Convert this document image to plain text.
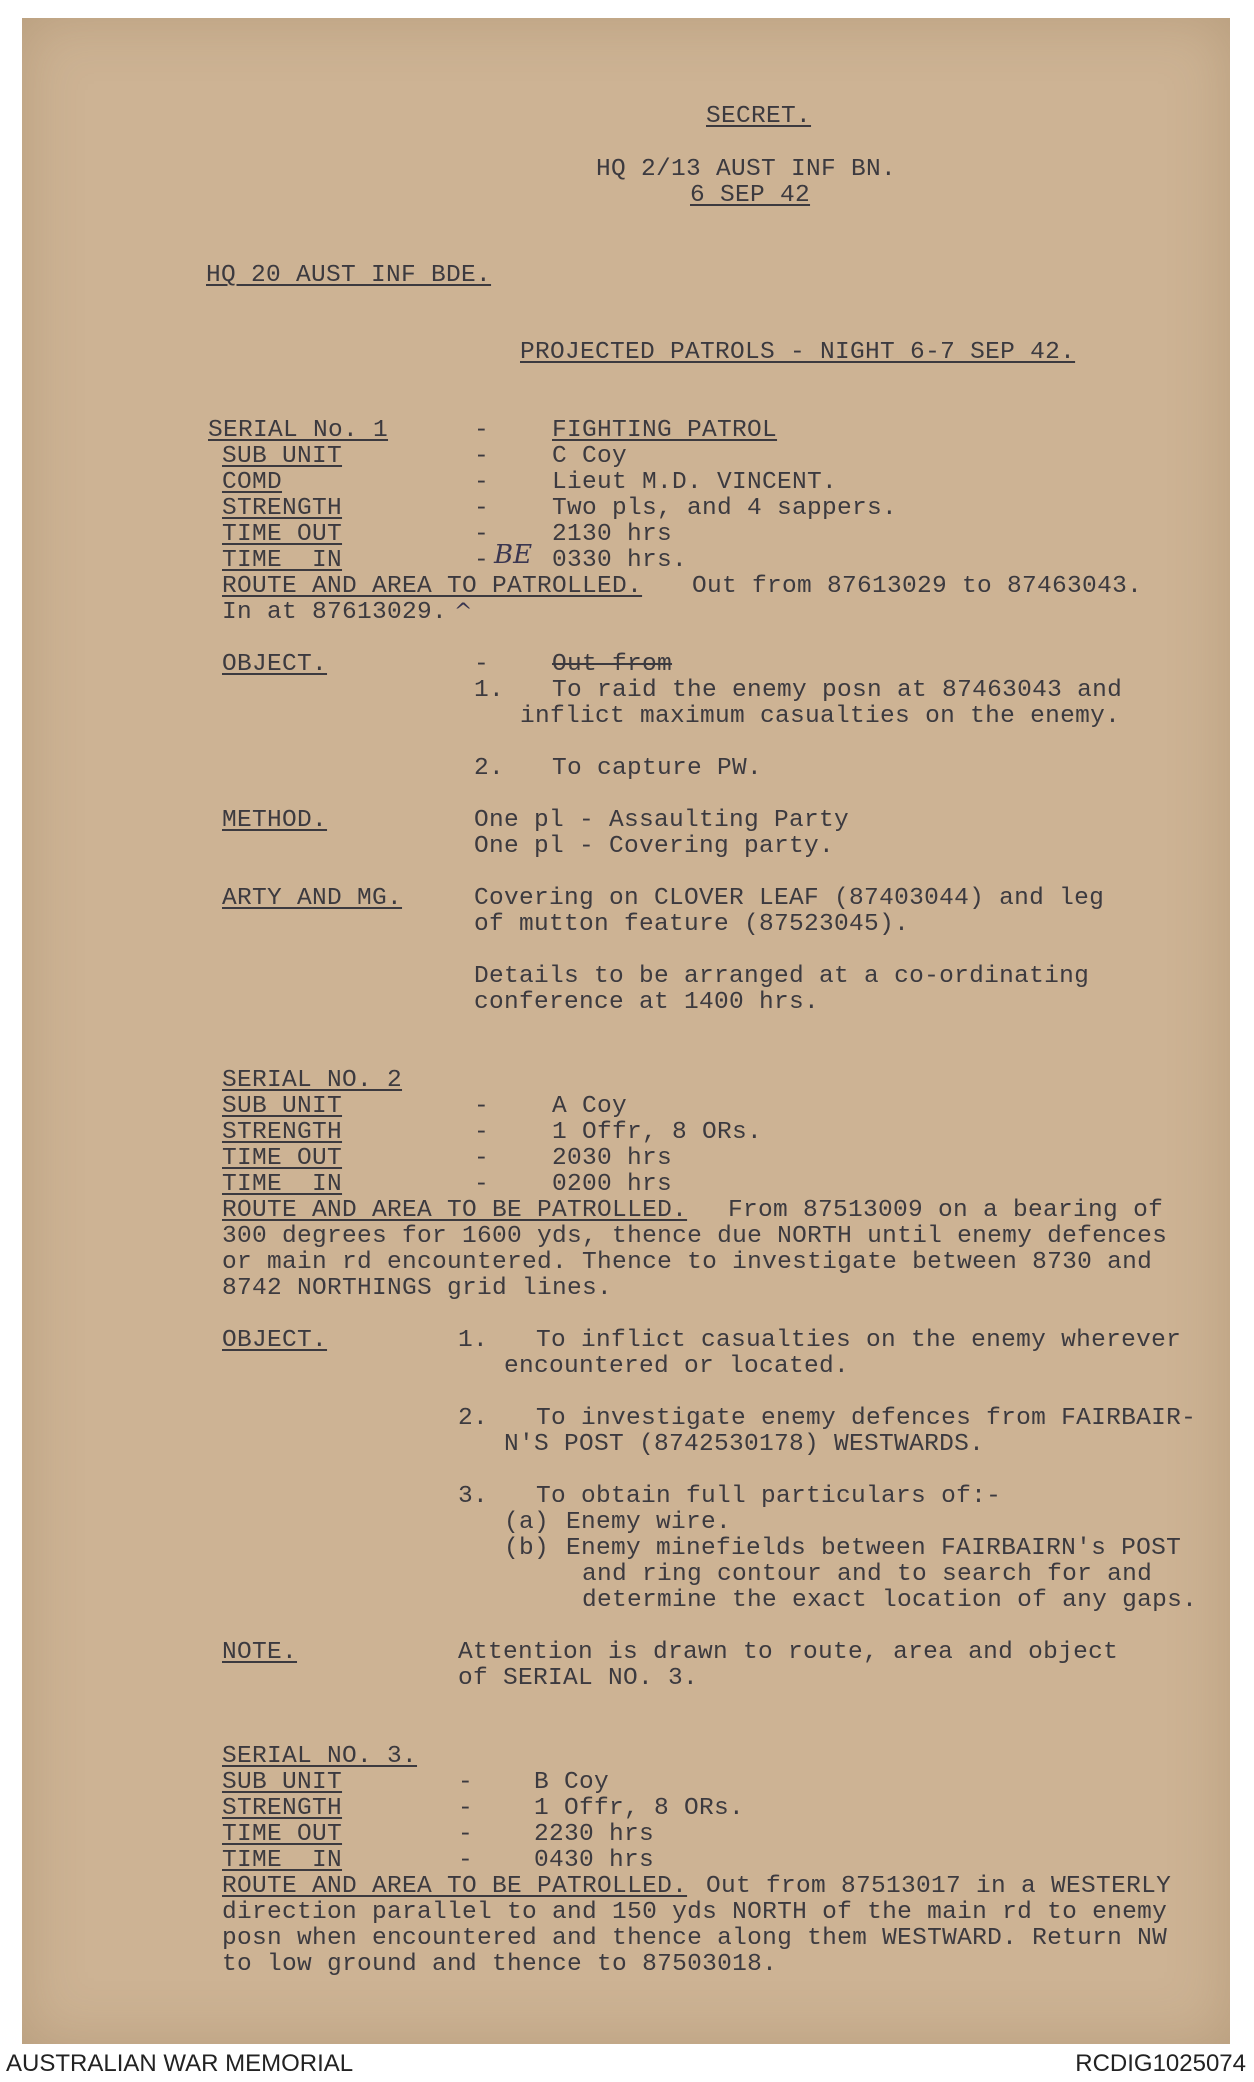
SECRET.
HQ 2/13 AUST INF BN.
6 SEP 42
HQ 20 AUST INF BDE.
PROJECTED PATROLS - NIGHT 6-7 SEP 42.
SERIAL No. 1	-	FIGHTING PATROL
SUB UNIT	-	C Coy
COMD	-	Lieut M.D. VINCENT.
STRENGTH	-	Two pls, and 4 sappers.
TIME OUT	-	2130 hrs
TIME  IN	- BE 0330 hrs.
ROUTE AND AREA TO PATROLLED. Out from 87613029 to 87463043.
In at 87613029. ^
OBJECT.	-	Out from
1. To raid the enemy posn at 87463043 and
inflict maximum casualties on the enemy.
2. To capture PW.
METHOD.	One pl - Assaulting Party
One pl - Covering party.
ARTY AND MG.	Covering on CLOVER LEAF (87403044) and leg
of mutton feature (87523045).
Details to be arranged at a co-ordinating
conference at 1400 hrs.
SERIAL NO. 2
SUB UNIT	-	A Coy
STRENGTH	-	1 Offr, 8 ORs.
TIME OUT	-	2030 hrs
TIME  IN	-	0200 hrs
ROUTE AND AREA TO BE PATROLLED. From 87513009 on a bearing of
300 degrees for 1600 yds, thence due NORTH until enemy defences
or main rd encountered. Thence to investigate between 8730 and
8742 NORTHINGS grid lines.
OBJECT.	1. To inflict casualties on the enemy wherever
encountered or located.
2. To investigate enemy defences from FAIRBAIR-
N'S POST (8742530178) WESTWARDS.
3. To obtain full particulars of:-
(a) Enemy wire.
(b) Enemy minefields between FAIRBAIRN's POST
and ring contour and to search for and
determine the exact location of any gaps.
NOTE.	Attention is drawn to route, area and object
of SERIAL NO. 3.
SERIAL NO. 3.
SUB UNIT	- B Coy
STRENGTH	- 1 Offr, 8 ORs.
TIME OUT	- 2230 hrs
TIME  IN	- 0430 hrs
ROUTE AND AREA TO BE PATROLLED. Out from 87513017 in a WESTERLY
direction parallel to and 150 yds NORTH of the main rd to enemy
posn when encountered and thence along them WESTWARD. Return NW
to low ground and thence to 87503018.
AUSTRALIAN WAR MEMORIAL	RCDIG1025074
